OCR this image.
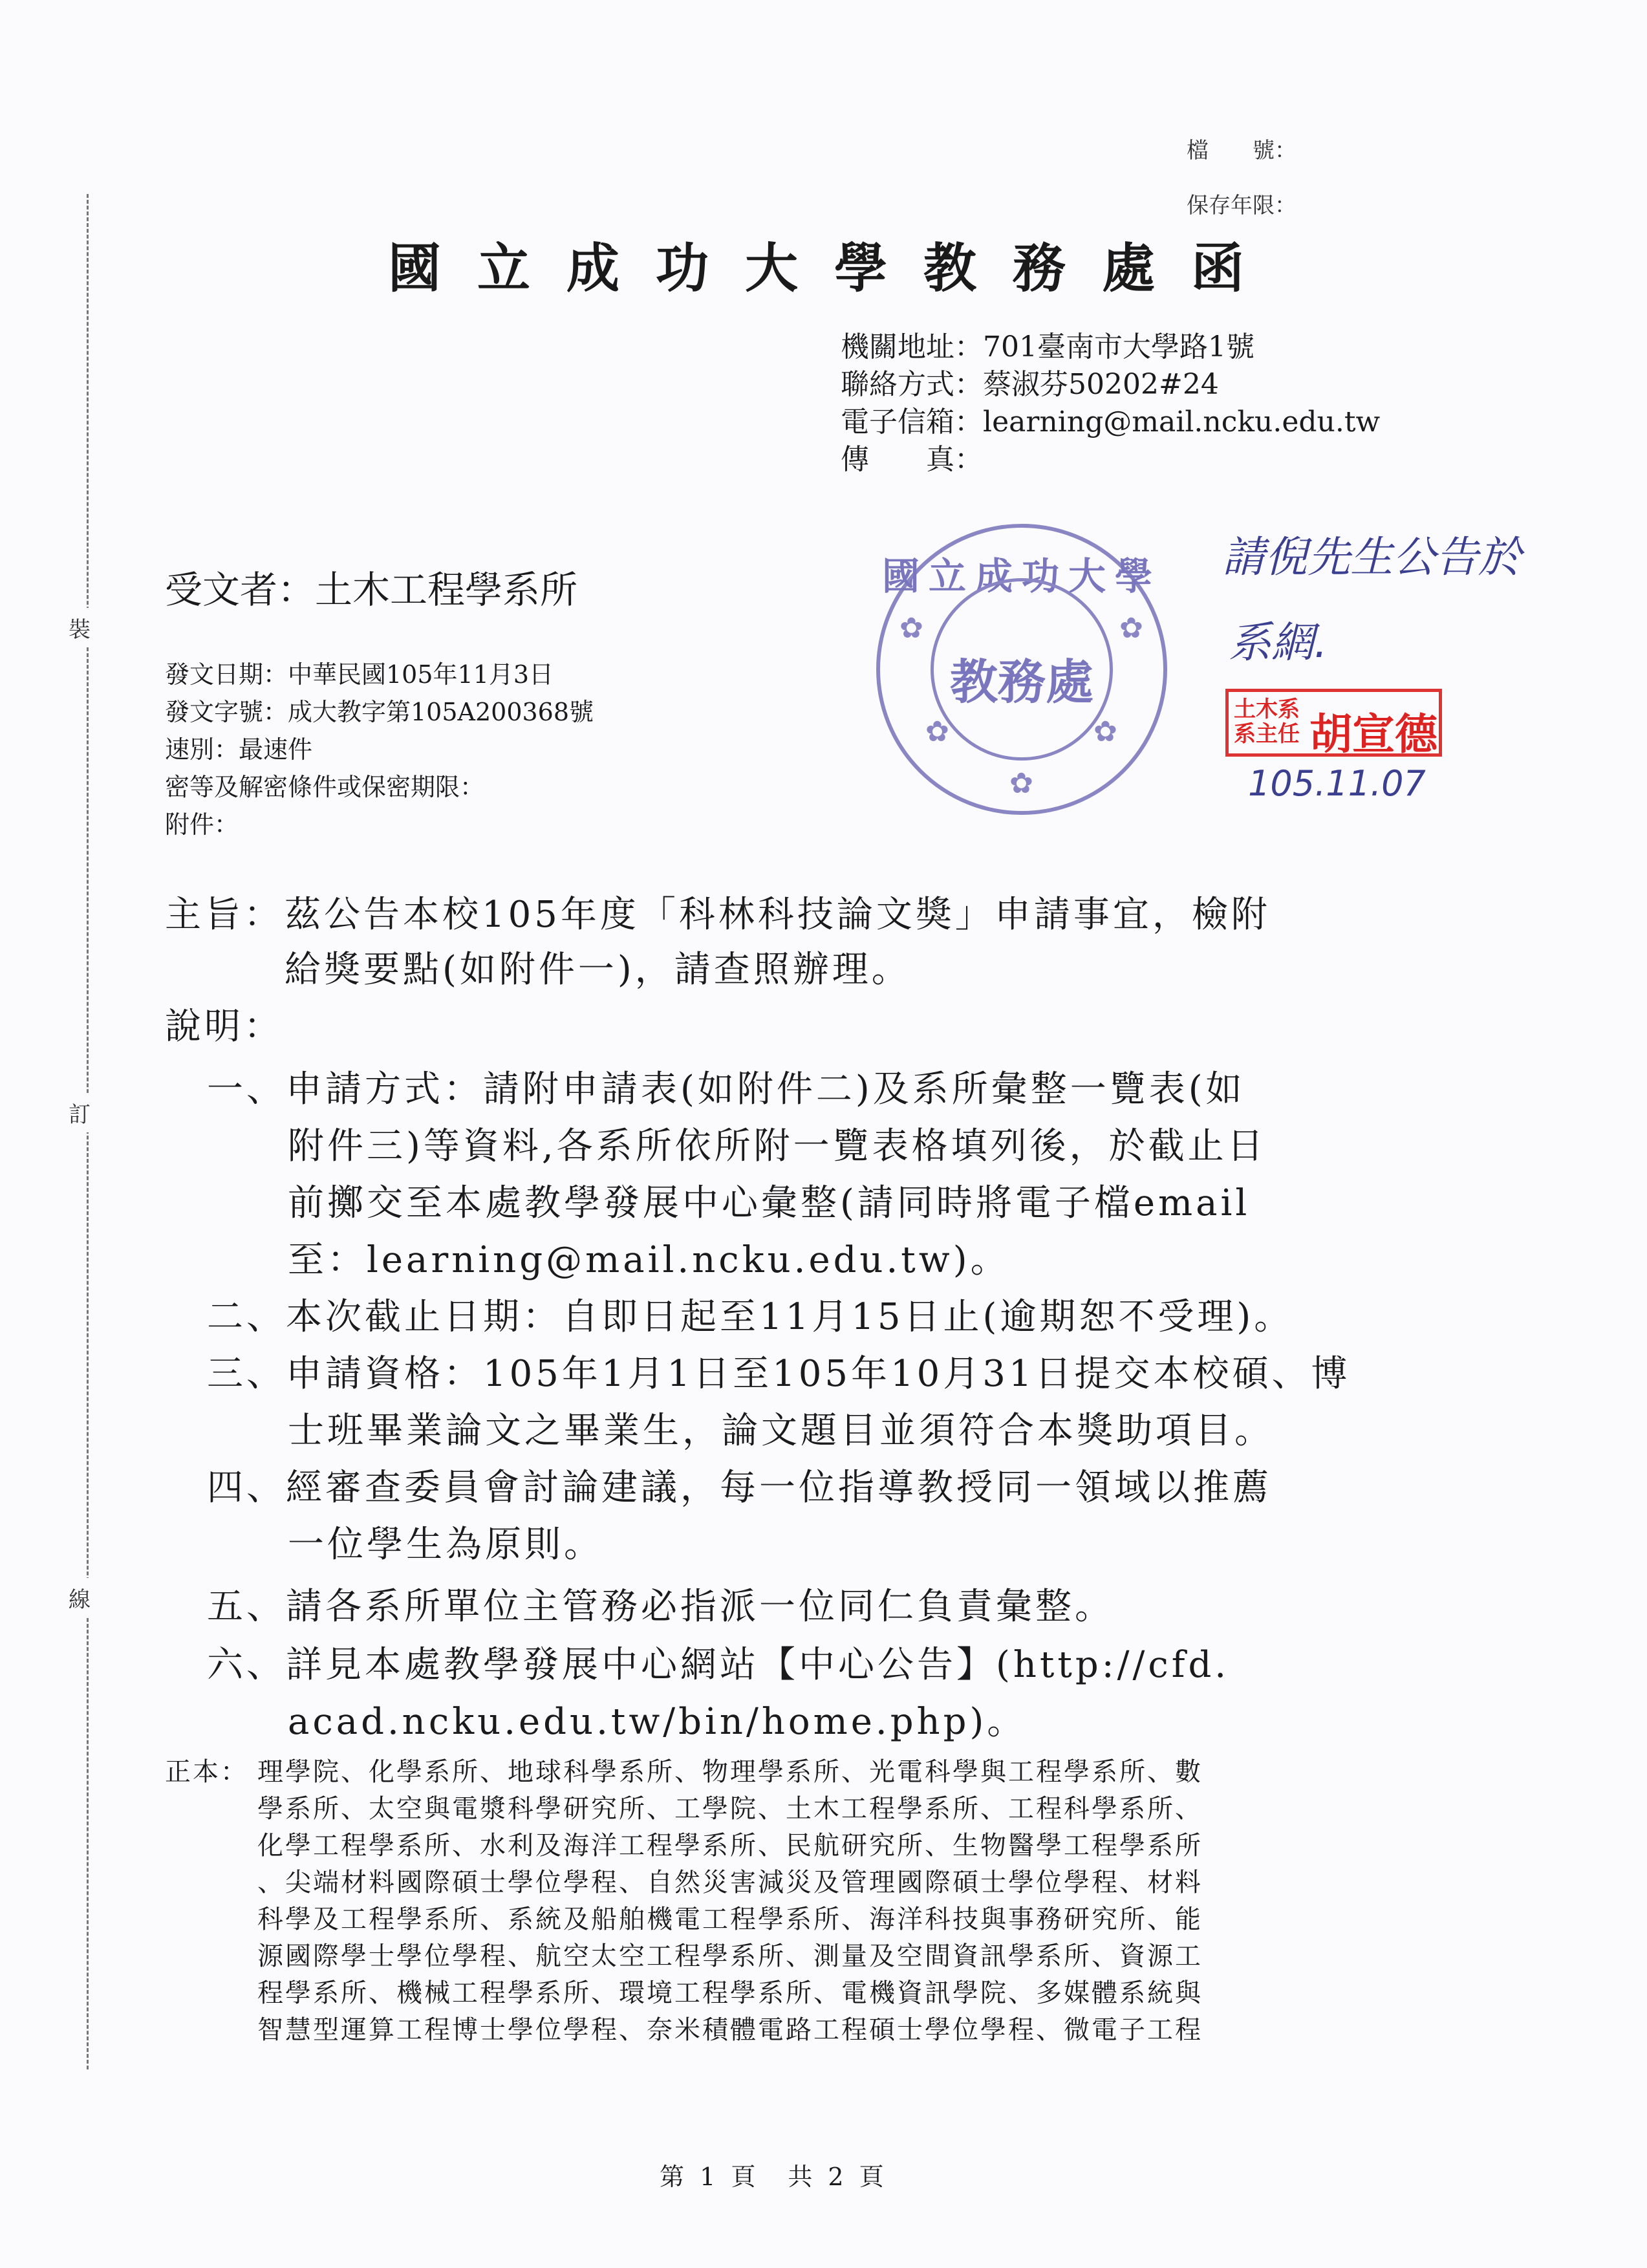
裝
訂
線
檔　　號：
保存年限：
國立成功大學教務處函
機關地址：701臺南市大學路1號
聯絡方式：蔡淑芬50202#24
電子信箱：learning@mail.ncku.edu.tw
傳　　真：
受文者：土木工程學系所
發文日期：中華民國105年11月3日
發文字號：成大教字第105A200368號
速別：最速件
密等及解密條件或保密期限：
附件：
國立成功大學
教務處
✿	✿
✿	✿
✿
請倪先生公告於
系網.
土木系
系主任 胡宣德
105.11.07
主旨： 茲公告本校105年度「科林科技論文獎」申請事宜，檢附
給獎要點(如附件一)，請查照辦理。
說明：
一、申請方式：請附申請表(如附件二)及系所彙整一覽表(如
附件三)等資料,各系所依所附一覽表格填列後，於截止日
前擲交至本處教學發展中心彙整(請同時將電子檔email
至：learning@mail.ncku.edu.tw)。
二、本次截止日期：自即日起至11月15日止(逾期恕不受理)。
三、申請資格：105年1月1日至105年10月31日提交本校碩、博
士班畢業論文之畢業生，論文題目並須符合本獎助項目。
四、經審查委員會討論建議，每一位指導教授同一領域以推薦
一位學生為原則。
五、請各系所單位主管務必指派一位同仁負責彙整。
六、詳見本處教學發展中心網站【中心公告】(http://cfd.
acad.ncku.edu.tw/bin/home.php)。
正本： 理學院、化學系所、地球科學系所、物理學系所、光電科學與工程學系所、數
學系所、太空與電漿科學研究所、工學院、土木工程學系所、工程科學系所、
化學工程學系所、水利及海洋工程學系所、民航研究所、生物醫學工程學系所
、尖端材料國際碩士學位學程、自然災害減災及管理國際碩士學位學程、材料
科學及工程學系所、系統及船舶機電工程學系所、海洋科技與事務研究所、能
源國際學士學位學程、航空太空工程學系所、測量及空間資訊學系所、資源工
程學系所、機械工程學系所、環境工程學系所、電機資訊學院、多媒體系統與
智慧型運算工程博士學位學程、奈米積體電路工程碩士學位學程、微電子工程
第 1 頁　共 2 頁
